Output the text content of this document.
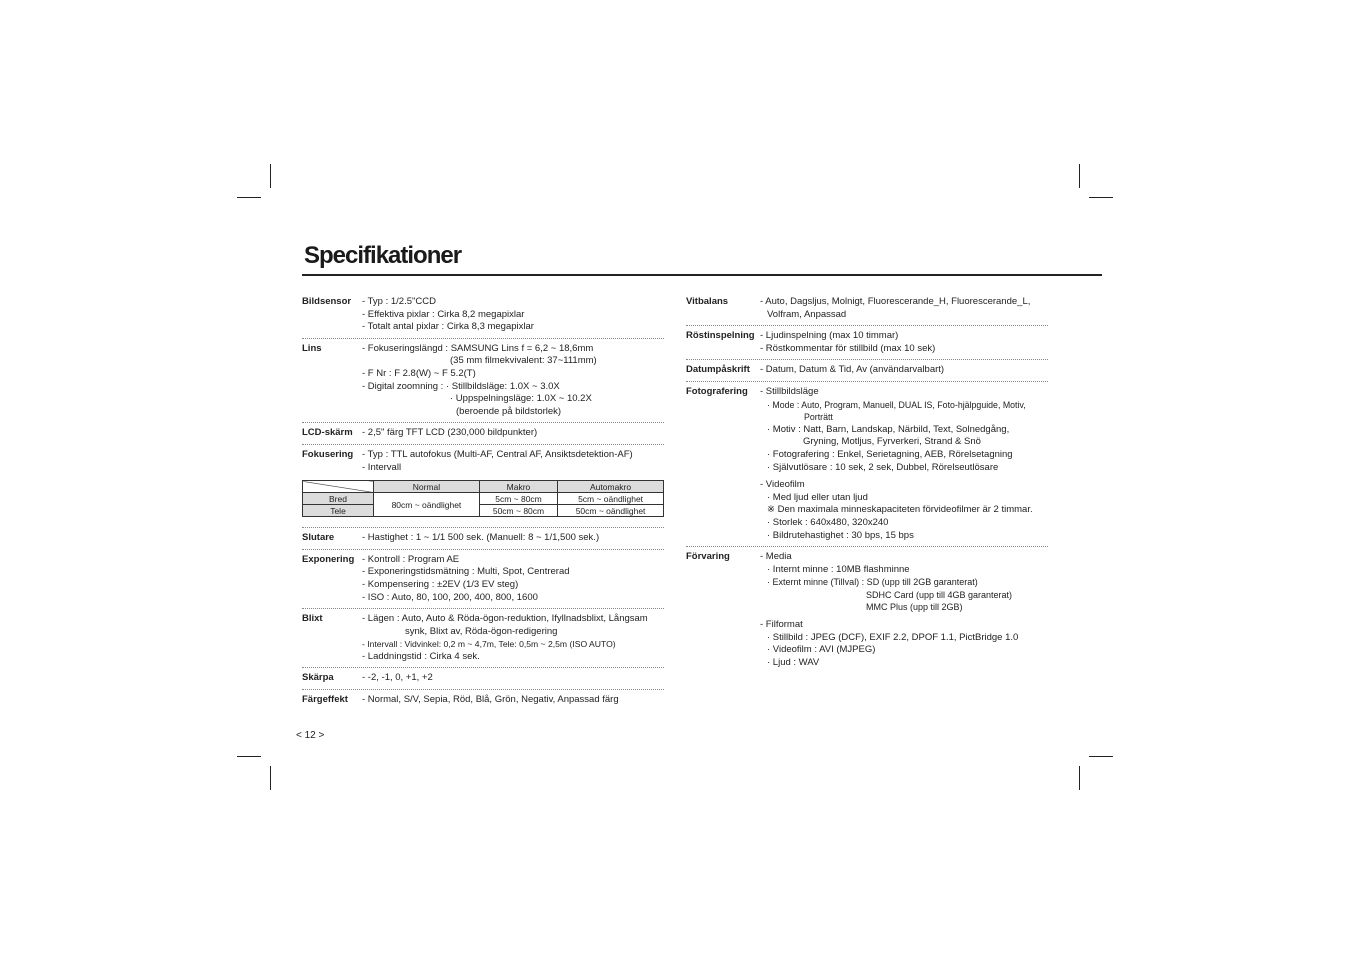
Specifikationer
Bildsensor - Typ : 1/2.5"CCD
- Effektiva pixlar : Cirka 8,2 megapixlar
- Totalt antal pixlar : Cirka 8,3 megapixlar
Lins	- Fokuseringslängd : SAMSUNG Lins f = 6,2 ~ 18,6mm
(35 mm filmekvivalent: 37~111mm)
- F Nr : F 2.8(W) ~ F 5.2(T)
- Digital zoomning : · Stillbildsläge: 1.0X ~ 3.0X
· Uppspelningsläge: 1.0X ~ 10.2X
(beroende på bildstorlek)
LCD-skärm - 2,5" färg TFT LCD (230,000 bildpunkter)
Fokusering - Typ : TTL autofokus (Multi-AF, Central AF, Ansiktsdetektion-AF)
- Intervall
	Normal	Makro	Automakro
Bred	80cm ~ oändlighet	5cm ~ 80cm	5cm ~ oändlighet
Tele		50cm ~ 80cm	50cm ~ oändlighet
Slutare	- Hastighet : 1 ~ 1/1 500 sek. (Manuell: 8 ~ 1/1,500 sek.)
Exponering - Kontroll : Program AE
- Exponeringstidsmätning : Multi, Spot, Centrerad
- Kompensering : ±2EV (1/3 EV steg)
- ISO : Auto, 80, 100, 200, 400, 800, 1600
Blixt	- Lägen : Auto, Auto & Röda-ögon-reduktion, Ifyllnadsblixt, Långsam
synk, Blixt av, Röda-ögon-redigering
- Intervall : Vidvinkel: 0,2 m ~ 4,7m, Tele: 0,5m ~ 2,5m (ISO AUTO)
- Laddningstid : Cirka 4 sek.
Skärpa	- -2, -1, 0, +1, +2
Färgeffekt - Normal, S/V, Sepia, Röd, Blå, Grön, Negativ, Anpassad färg
Vitbalans	- Auto, Dagsljus, Molnigt, Fluorescerande_H, Fluorescerande_L,
Volfram, Anpassad
Röstinspelning - Ljudinspelning (max 10 timmar)
- Röstkommentar för stillbild (max 10 sek)
Datumpåskrift - Datum, Datum & Tid, Av (användarvalbart)
Fotografering - Stillbildsläge
· Mode : Auto, Program, Manuell, DUAL IS, Foto-hjälpguide, Motiv,
Porträtt
· Motiv : Natt, Barn, Landskap, Närbild, Text, Solnedgång,
Gryning, Motljus, Fyrverkeri, Strand & Snö
· Fotografering : Enkel, Serietagning, AEB, Rörelsetagning
· Självutlösare : 10 sek, 2 sek, Dubbel, Rörelseutlösare
- Videofilm
· Med ljud eller utan ljud
※ Den maximala minneskapaciteten förvideofilmer är 2 timmar.
· Storlek : 640x480, 320x240
· Bildrutehastighet : 30 bps, 15 bps
Förvaring	- Media
· Internt minne : 10MB flashminne
· Externt minne (Tillval) : SD (upp till 2GB garanterat)
SDHC Card (upp till 4GB garanterat)
MMC Plus (upp till 2GB)
- Filformat
· Stillbild : JPEG (DCF), EXIF 2.2, DPOF 1.1, PictBridge 1.0
· Videofilm : AVI (MJPEG)
· Ljud : WAV
< 12 >
